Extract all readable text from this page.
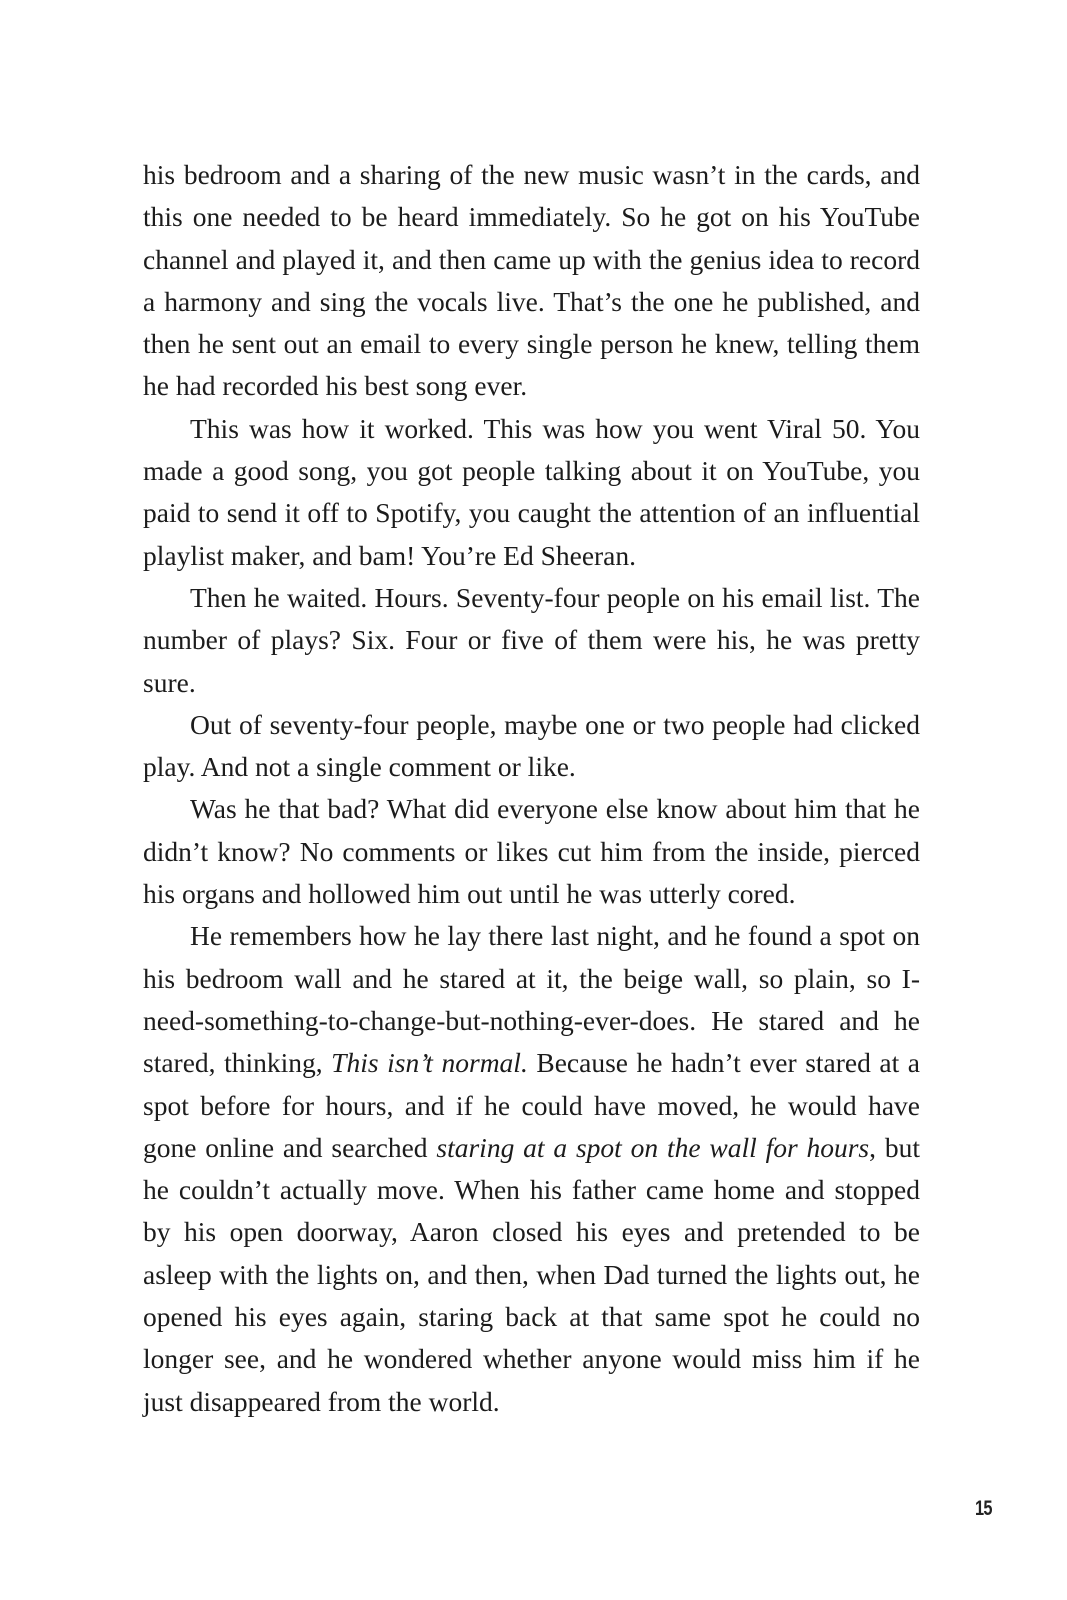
his bedroom and a sharing of the new music wasn’t in the cards, and this one needed to be heard immediately. So he got on his YouTube channel and played it, and then came up with the genius idea to record a harmony and sing the vocals live. That’s the one he published, and then he sent out an email to every single person he knew, telling them he had recorded his best song ever.

This was how it worked. This was how you went Viral 50. You made a good song, you got people talking about it on YouTube, you paid to send it off to Spotify, you caught the attention of an influential playlist maker, and bam! You’re Ed Sheeran.

Then he waited. Hours. Seventy-four people on his email list. The number of plays? Six. Four or five of them were his, he was pretty sure.

Out of seventy-four people, maybe one or two people had clicked play. And not a single comment or like.

Was he that bad? What did everyone else know about him that he didn’t know? No comments or likes cut him from the inside, pierced his organs and hollowed him out until he was utterly cored.

He remembers how he lay there last night, and he found a spot on his bedroom wall and he stared at it, the beige wall, so plain, so I-need-something-to-change-but-nothing-ever-does. He stared and he stared, thinking, This isn’t normal. Because he hadn’t ever stared at a spot before for hours, and if he could have moved, he would have gone online and searched staring at a spot on the wall for hours, but he couldn’t actually move. When his father came home and stopped by his open doorway, Aaron closed his eyes and pretended to be asleep with the lights on, and then, when Dad turned the lights out, he opened his eyes again, staring back at that same spot he could no longer see, and he wondered whether anyone would miss him if he just disappeared from the world.

15
